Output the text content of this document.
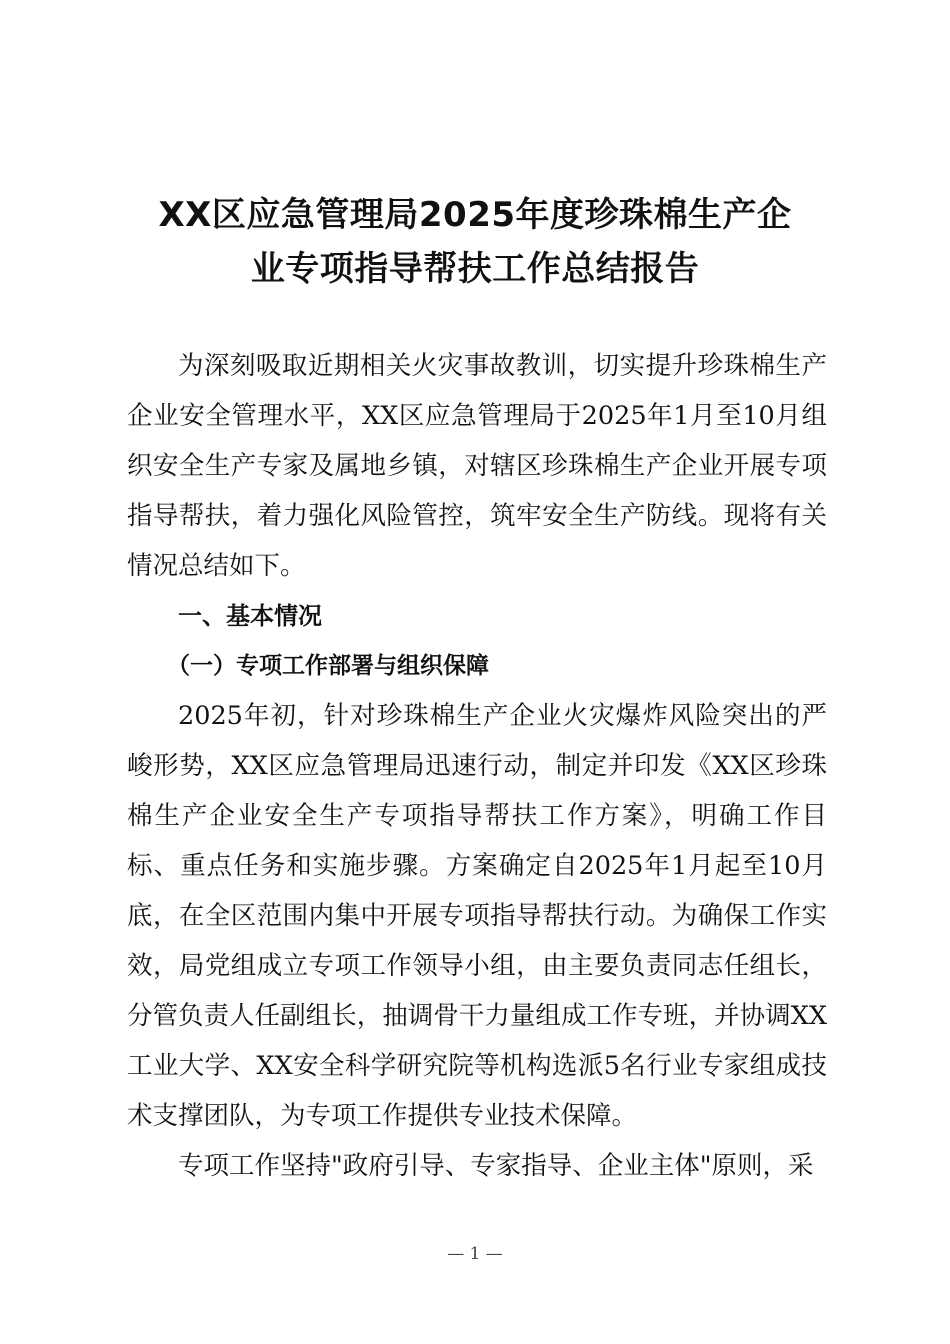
XX区应急管理局2025年度珍珠棉生产企
业专项指导帮扶工作总结报告

为深刻吸取近期相关火灾事故教训，切实提升珍珠棉生产企业安全管理水平，XX区应急管理局于2025年1月至10月组织安全生产专家及属地乡镇，对辖区珍珠棉生产企业开展专项指导帮扶，着力强化风险管控，筑牢安全生产防线。现将有关情况总结如下。

一、基本情况

（一）专项工作部署与组织保障

2025年初，针对珍珠棉生产企业火灾爆炸风险突出的严峻形势，XX区应急管理局迅速行动，制定并印发《XX区珍珠棉生产企业安全生产专项指导帮扶工作方案》，明确工作目标、重点任务和实施步骤。方案确定自2025年1月起至10月底，在全区范围内集中开展专项指导帮扶行动。为确保工作实效，局党组成立专项工作领导小组，由主要负责同志任组长，分管负责人任副组长，抽调骨干力量组成工作专班，并协调XX工业大学、XX安全科学研究院等机构选派5名行业专家组成技术支撑团队，为专项工作提供专业技术保障。

专项工作坚持"政府引导、专家指导、企业主体"原则，采

— 1 —
